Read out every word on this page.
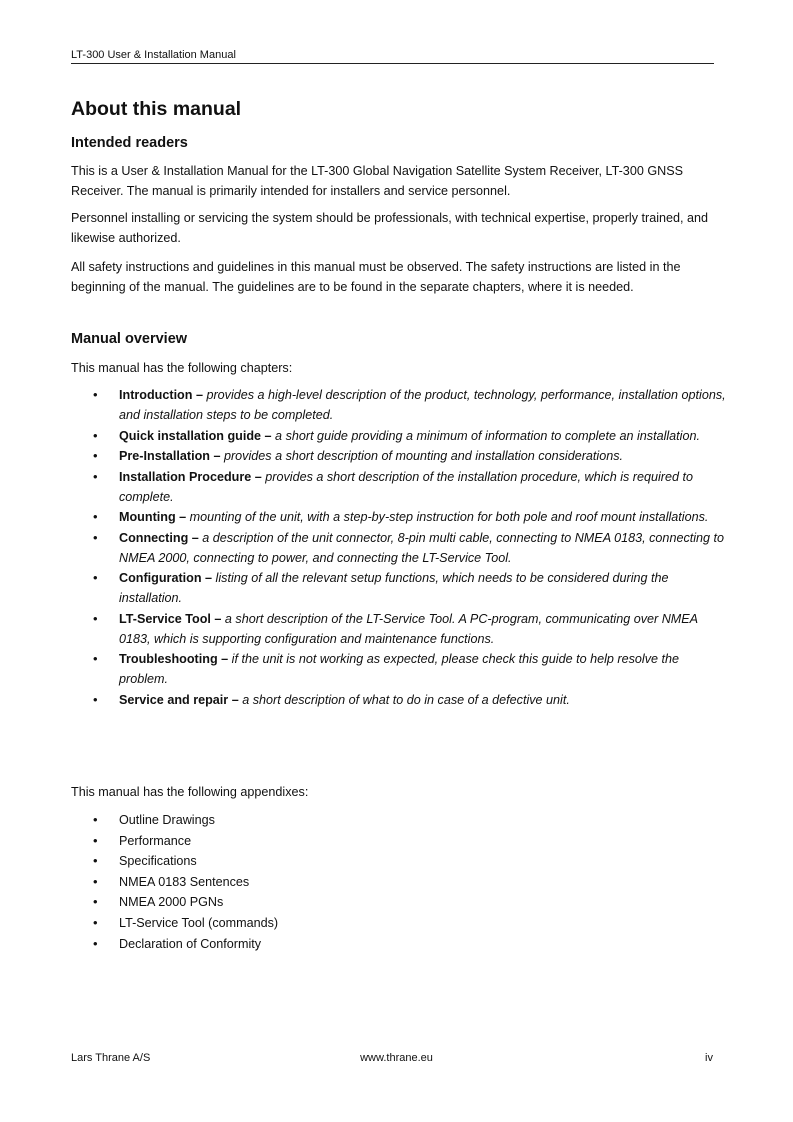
LT-300 User & Installation Manual
About this manual
Intended readers

This is a User & Installation Manual for the LT-300 Global Navigation Satellite System Receiver, LT-300 GNSS Receiver. The manual is primarily intended for installers and service personnel.

Personnel installing or servicing the system should be professionals, with technical expertise, properly trained, and likewise authorized.

All safety instructions and guidelines in this manual must be observed. The safety instructions are listed in the beginning of the manual. The guidelines are to be found in the separate chapters, where it is needed.

Manual overview

This manual has the following chapters:

• Introduction – provides a high-level description of the product, technology, performance, installation options, and installation steps to be completed.
• Quick installation guide – a short guide providing a minimum of information to complete an installation.
• Pre-Installation – provides a short description of mounting and installation considerations.
• Installation Procedure – provides a short description of the installation procedure, which is required to complete.
• Mounting – mounting of the unit, with a step-by-step instruction for both pole and roof mount installations.
• Connecting – a description of the unit connector, 8-pin multi cable, connecting to NMEA 0183, connecting to NMEA 2000, connecting to power, and connecting the LT-Service Tool.
• Configuration – listing of all the relevant setup functions, which needs to be considered during the installation.
• LT-Service Tool – a short description of the LT-Service Tool. A PC-program, communicating over NMEA 0183, which is supporting configuration and maintenance functions.
• Troubleshooting – if the unit is not working as expected, please check this guide to help resolve the problem.
• Service and repair – a short description of what to do in case of a defective unit.

This manual has the following appendixes:

• Outline Drawings
• Performance
• Specifications
• NMEA 0183 Sentences
• NMEA 2000 PGNs
• LT-Service Tool (commands)
• Declaration of Conformity
Lars Thrane A/S	www.thrane.eu	iv
